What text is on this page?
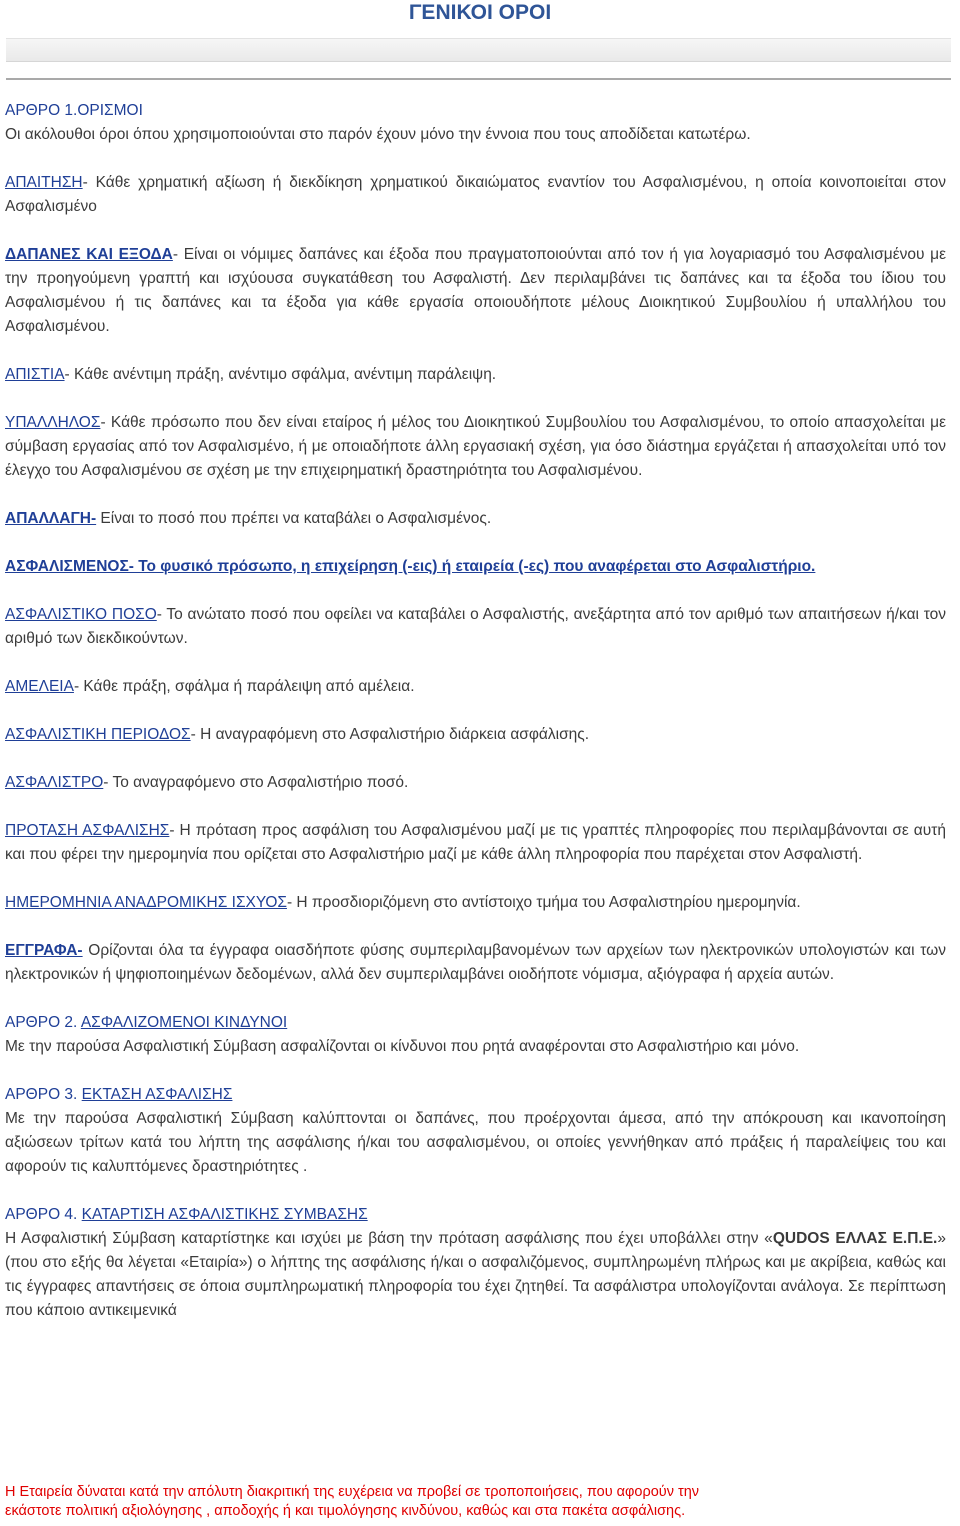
ΓΕΝΙΚΟΙ ΟΡΟΙ

ΑΡΘΡΟ 1.ΟΡΙΣΜΟΙ
Οι ακόλουθοι όροι όπου χρησιμοποιούνται στο παρόν έχουν μόνο την έννοια που τους αποδίδεται κατωτέρω.

ΑΠΑΙΤΗΣΗ- Κάθε χρηματική αξίωση ή διεκδίκηση χρηματικού δικαιώματος εναντίον του Ασφαλισμένου, η οποία κοινοποιείται στον Ασφαλισμένο

ΔΑΠΑΝΕΣ ΚΑΙ ΕΞΟΔΑ- Είναι οι νόμιμες δαπάνες και έξοδα που πραγματοποιούνται από τον ή για λογαριασμό του Ασφαλισμένου με την προηγούμενη γραπτή και ισχύουσα συγκατάθεση του Ασφαλιστή. Δεν περιλαμβάνει τις δαπάνες και τα έξοδα του ίδιου του Ασφαλισμένου ή τις δαπάνες και τα έξοδα για κάθε εργασία οποιουδήποτε μέλους Διοικητικού Συμβουλίου ή υπαλλήλου του Ασφαλισμένου.

ΑΠΙΣΤΙΑ- Κάθε ανέντιμη πράξη, ανέντιμο σφάλμα, ανέντιμη παράλειψη.

ΥΠΑΛΛΗΛΟΣ- Κάθε πρόσωπο που δεν είναι εταίρος ή μέλος του Διοικητικού Συμβουλίου του Ασφαλισμένου, το οποίο απασχολείται με σύμβαση εργασίας από τον Ασφαλισμένο, ή με οποιαδήποτε άλλη εργασιακή σχέση, για όσο διάστημα εργάζεται ή απασχολείται υπό τον έλεγχο του Ασφαλισμένου σε σχέση με την επιχειρηματική δραστηριότητα του Ασφαλισμένου.

ΑΠΑΛΛΑΓΗ- Είναι το ποσό που πρέπει να καταβάλει ο Ασφαλισμένος.

ΑΣΦΑΛΙΣΜΕΝΟΣ- Το φυσικό πρόσωπο, η επιχείρηση (-εις) ή εταιρεία (-ες) που αναφέρεται στο Ασφαλιστήριο.

ΑΣΦΑΛΙΣΤΙΚΟ ΠΟΣΟ- Το ανώτατο ποσό που οφείλει να καταβάλει ο Ασφαλιστής, ανεξάρτητα από τον αριθμό των απαιτήσεων ή/και τον αριθμό των διεκδικούντων.

ΑΜΕΛΕΙΑ- Κάθε πράξη, σφάλμα ή παράλειψη από αμέλεια.

ΑΣΦΑΛΙΣΤΙΚΗ ΠΕΡΙΟΔΟΣ- Η αναγραφόμενη στο Ασφαλιστήριο διάρκεια ασφάλισης.

ΑΣΦΑΛΙΣΤΡΟ- Το αναγραφόμενο στο Ασφαλιστήριο ποσό.

ΠΡΟΤΑΣΗ ΑΣΦΑΛΙΣΗΣ- Η πρόταση προς ασφάλιση του Ασφαλισμένου μαζί με τις γραπτές πληροφορίες που περιλαμβάνονται σε αυτή και που φέρει την ημερομηνία που ορίζεται στο Ασφαλιστήριο μαζί με κάθε άλλη πληροφορία που παρέχεται στον Ασφαλιστή.

ΗΜΕΡΟΜΗΝΙΑ ΑΝΑΔΡΟΜΙΚΗΣ ΙΣΧΥΟΣ- Η προσδιοριζόμενη στο αντίστοιχο τμήμα του Ασφαλιστηρίου ημερομηνία.

ΕΓΓΡΑΦΑ- Ορίζονται όλα τα έγγραφα οιασδήποτε φύσης συμπεριλαμβανομένων των αρχείων των ηλεκτρονικών υπολογιστών και των ηλεκτρονικών ή ψηφιοποιημένων δεδομένων, αλλά δεν συμπεριλαμβάνει οιοδήποτε νόμισμα, αξιόγραφα ή αρχεία αυτών.

ΑΡΘΡΟ 2. ΑΣΦΑΛΙΖΟΜΕΝΟΙ ΚΙΝΔΥΝΟΙ
Με την παρούσα Ασφαλιστική Σύμβαση ασφαλίζονται οι κίνδυνοι που ρητά αναφέρονται στο Ασφαλιστήριο και μόνο.

ΑΡΘΡΟ 3. ΕΚΤΑΣΗ ΑΣΦΑΛΙΣΗΣ
Με την παρούσα Ασφαλιστική Σύμβαση καλύπτονται οι δαπάνες, που προέρχονται άμεσα, από την απόκρουση και ικανοποίηση αξιώσεων τρίτων κατά του λήπτη της ασφάλισης ή/και του ασφαλισμένου, οι οποίες γεννήθηκαν από πράξεις ή παραλείψεις του και αφορούν τις καλυπτόμενες δραστηριότητες .

ΑΡΘΡΟ 4. ΚΑΤΑΡΤΙΣΗ ΑΣΦΑΛΙΣΤΙΚΗΣ ΣΥΜΒΑΣΗΣ
Η Ασφαλιστική Σύμβαση καταρτίστηκε και ισχύει με βάση την πρόταση ασφάλισης που έχει υποβάλλει στην «QUDOS ΕΛΛΑΣ Ε.Π.Ε.» (που στο εξής θα λέγεται «Εταιρία») ο λήπτης της ασφάλισης ή/και ο ασφαλιζόμενος, συμπληρωμένη πλήρως και με ακρίβεια, καθώς και τις έγγραφες απαντήσεις σε όποια συμπληρωματική πληροφορία του έχει ζητηθεί. Τα ασφάλιστρα υπολογίζονται ανάλογα. Σε περίπτωση που κάποιο αντικειμενικά

Η Εταιρεία δύναται κατά την απόλυτη διακριτική της ευχέρεια να προβεί σε τροποποιήσεις, που αφορούν την
εκάστοτε πολιτική αξιολόγησης , αποδοχής ή και τιμολόγησης κινδύνου, καθώς και στα πακέτα ασφάλισης.
